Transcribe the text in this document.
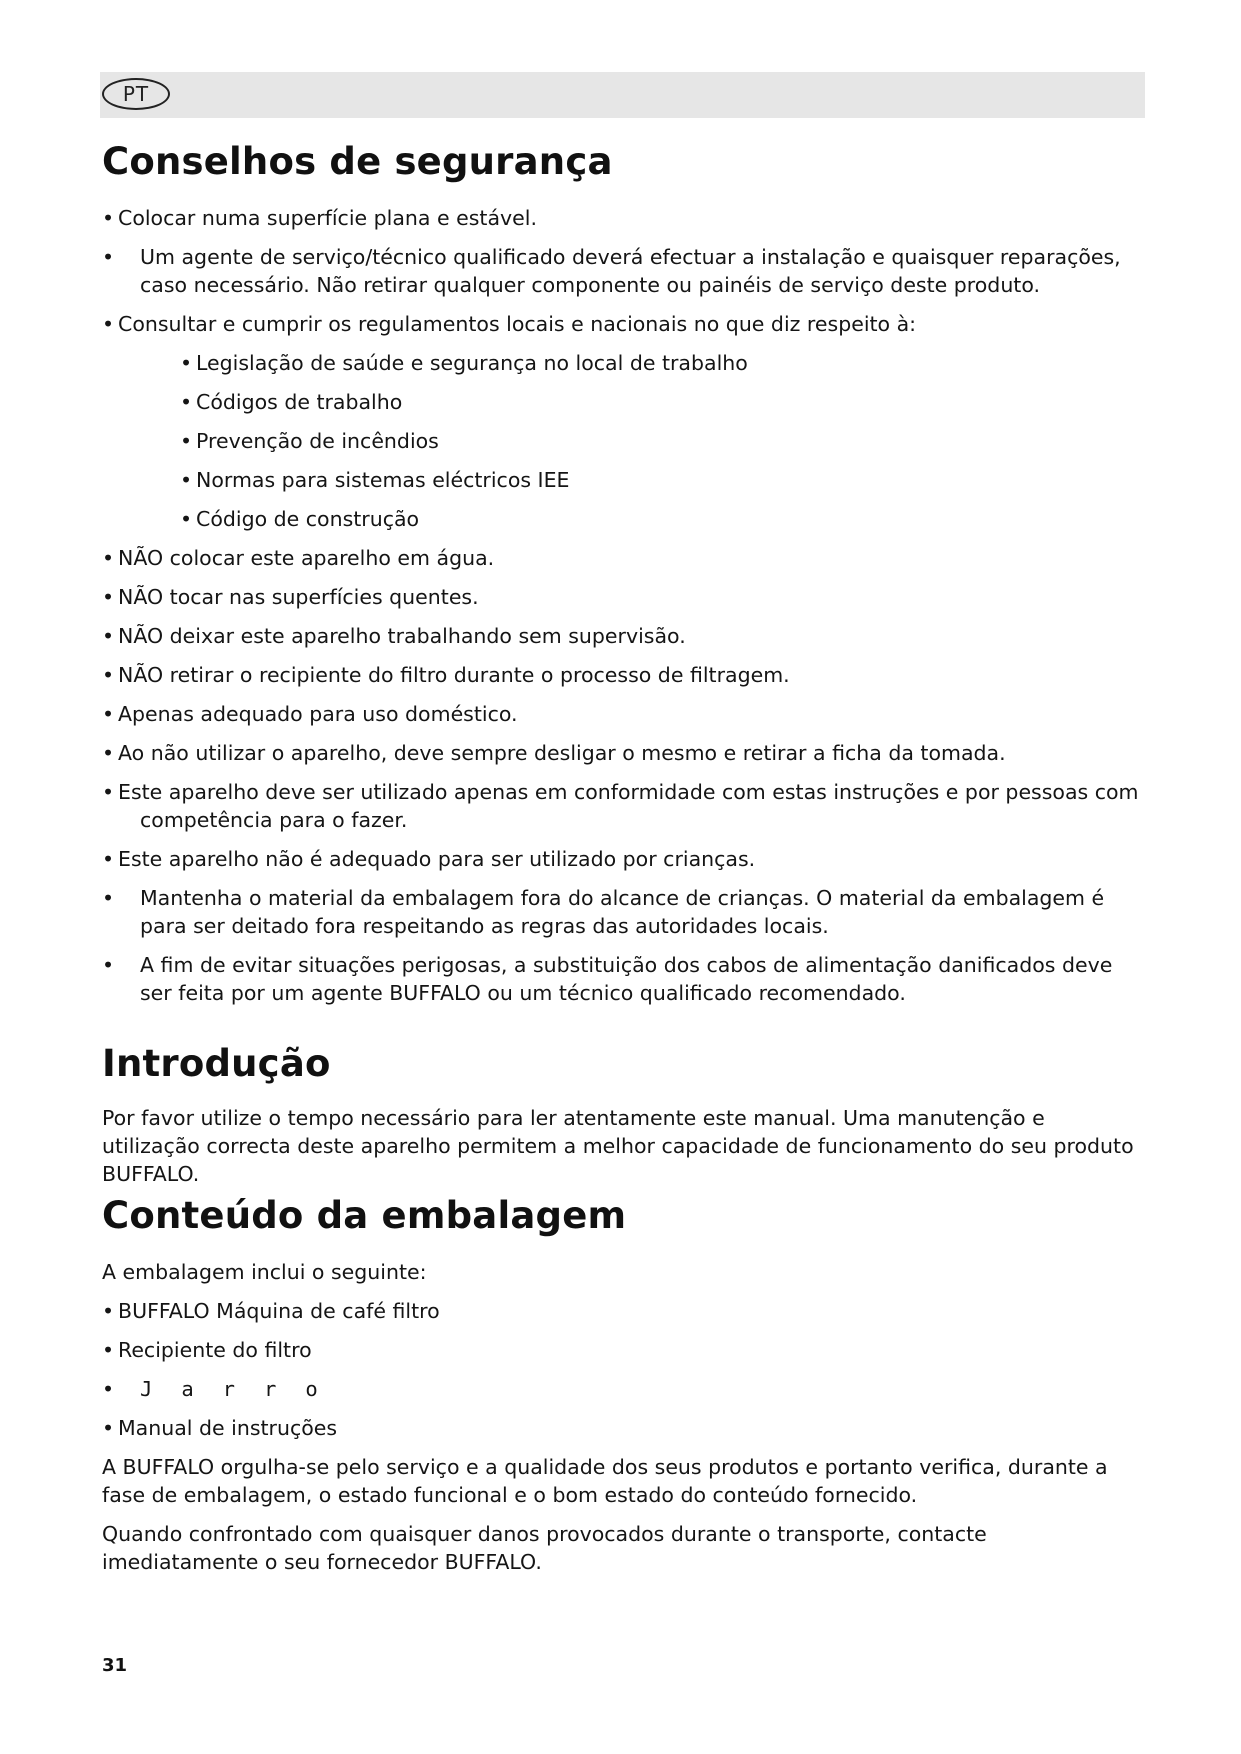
PT
Conselhos de segurança

• Colocar numa superfície plana e estável.

•	Um agente de serviço/técnico qualificado deverá efectuar a instalação e quaisquer reparações, caso necessário. Não retirar qualquer componente ou painéis de serviço deste produto.

• Consultar e cumprir os regulamentos locais e nacionais no que diz respeito à:

• Legislação de saúde e segurança no local de trabalho

• Códigos de trabalho

• Prevenção de incêndios

• Normas para sistemas eléctricos IEE

• Código de construção

• NÃO colocar este aparelho em água.

• NÃO tocar nas superfícies quentes.

• NÃO deixar este aparelho trabalhando sem supervisão.

• NÃO retirar o recipiente do filtro durante o processo de filtragem.

• Apenas adequado para uso doméstico.

• Ao não utilizar o aparelho, deve sempre desligar o mesmo e retirar a ficha da tomada.

• Este aparelho deve ser utilizado apenas em conformidade com estas instruções e por pessoas com

competência para o fazer.

• Este aparelho não é adequado para ser utilizado por crianças.

•	Mantenha o material da embalagem fora do alcance de crianças. O material da embalagem é para ser deitado fora respeitando as regras das autoridades locais.

•	A fim de evitar situações perigosas, a substituição dos cabos de alimentação danificados deve ser feita por um agente BUFFALO ou um técnico qualificado recomendado.

Introdução

Por favor utilize o tempo necessário para ler atentamente este manual. Uma manutenção e utilização correcta deste aparelho permitem a melhor capacidade de funcionamento do seu produto BUFFALO.

Conteúdo da embalagem

A embalagem inclui o seguinte:

• BUFFALO Máquina de café filtro

• Recipiente do filtro

• Jarro

• Manual de instruções

A BUFFALO orgulha-se pelo serviço e a qualidade dos seus produtos e portanto verifica, durante a fase de embalagem, o estado funcional e o bom estado do conteúdo fornecido.

Quando confrontado com quaisquer danos provocados durante o transporte, contacte imediatamente o seu fornecedor BUFFALO.

31
